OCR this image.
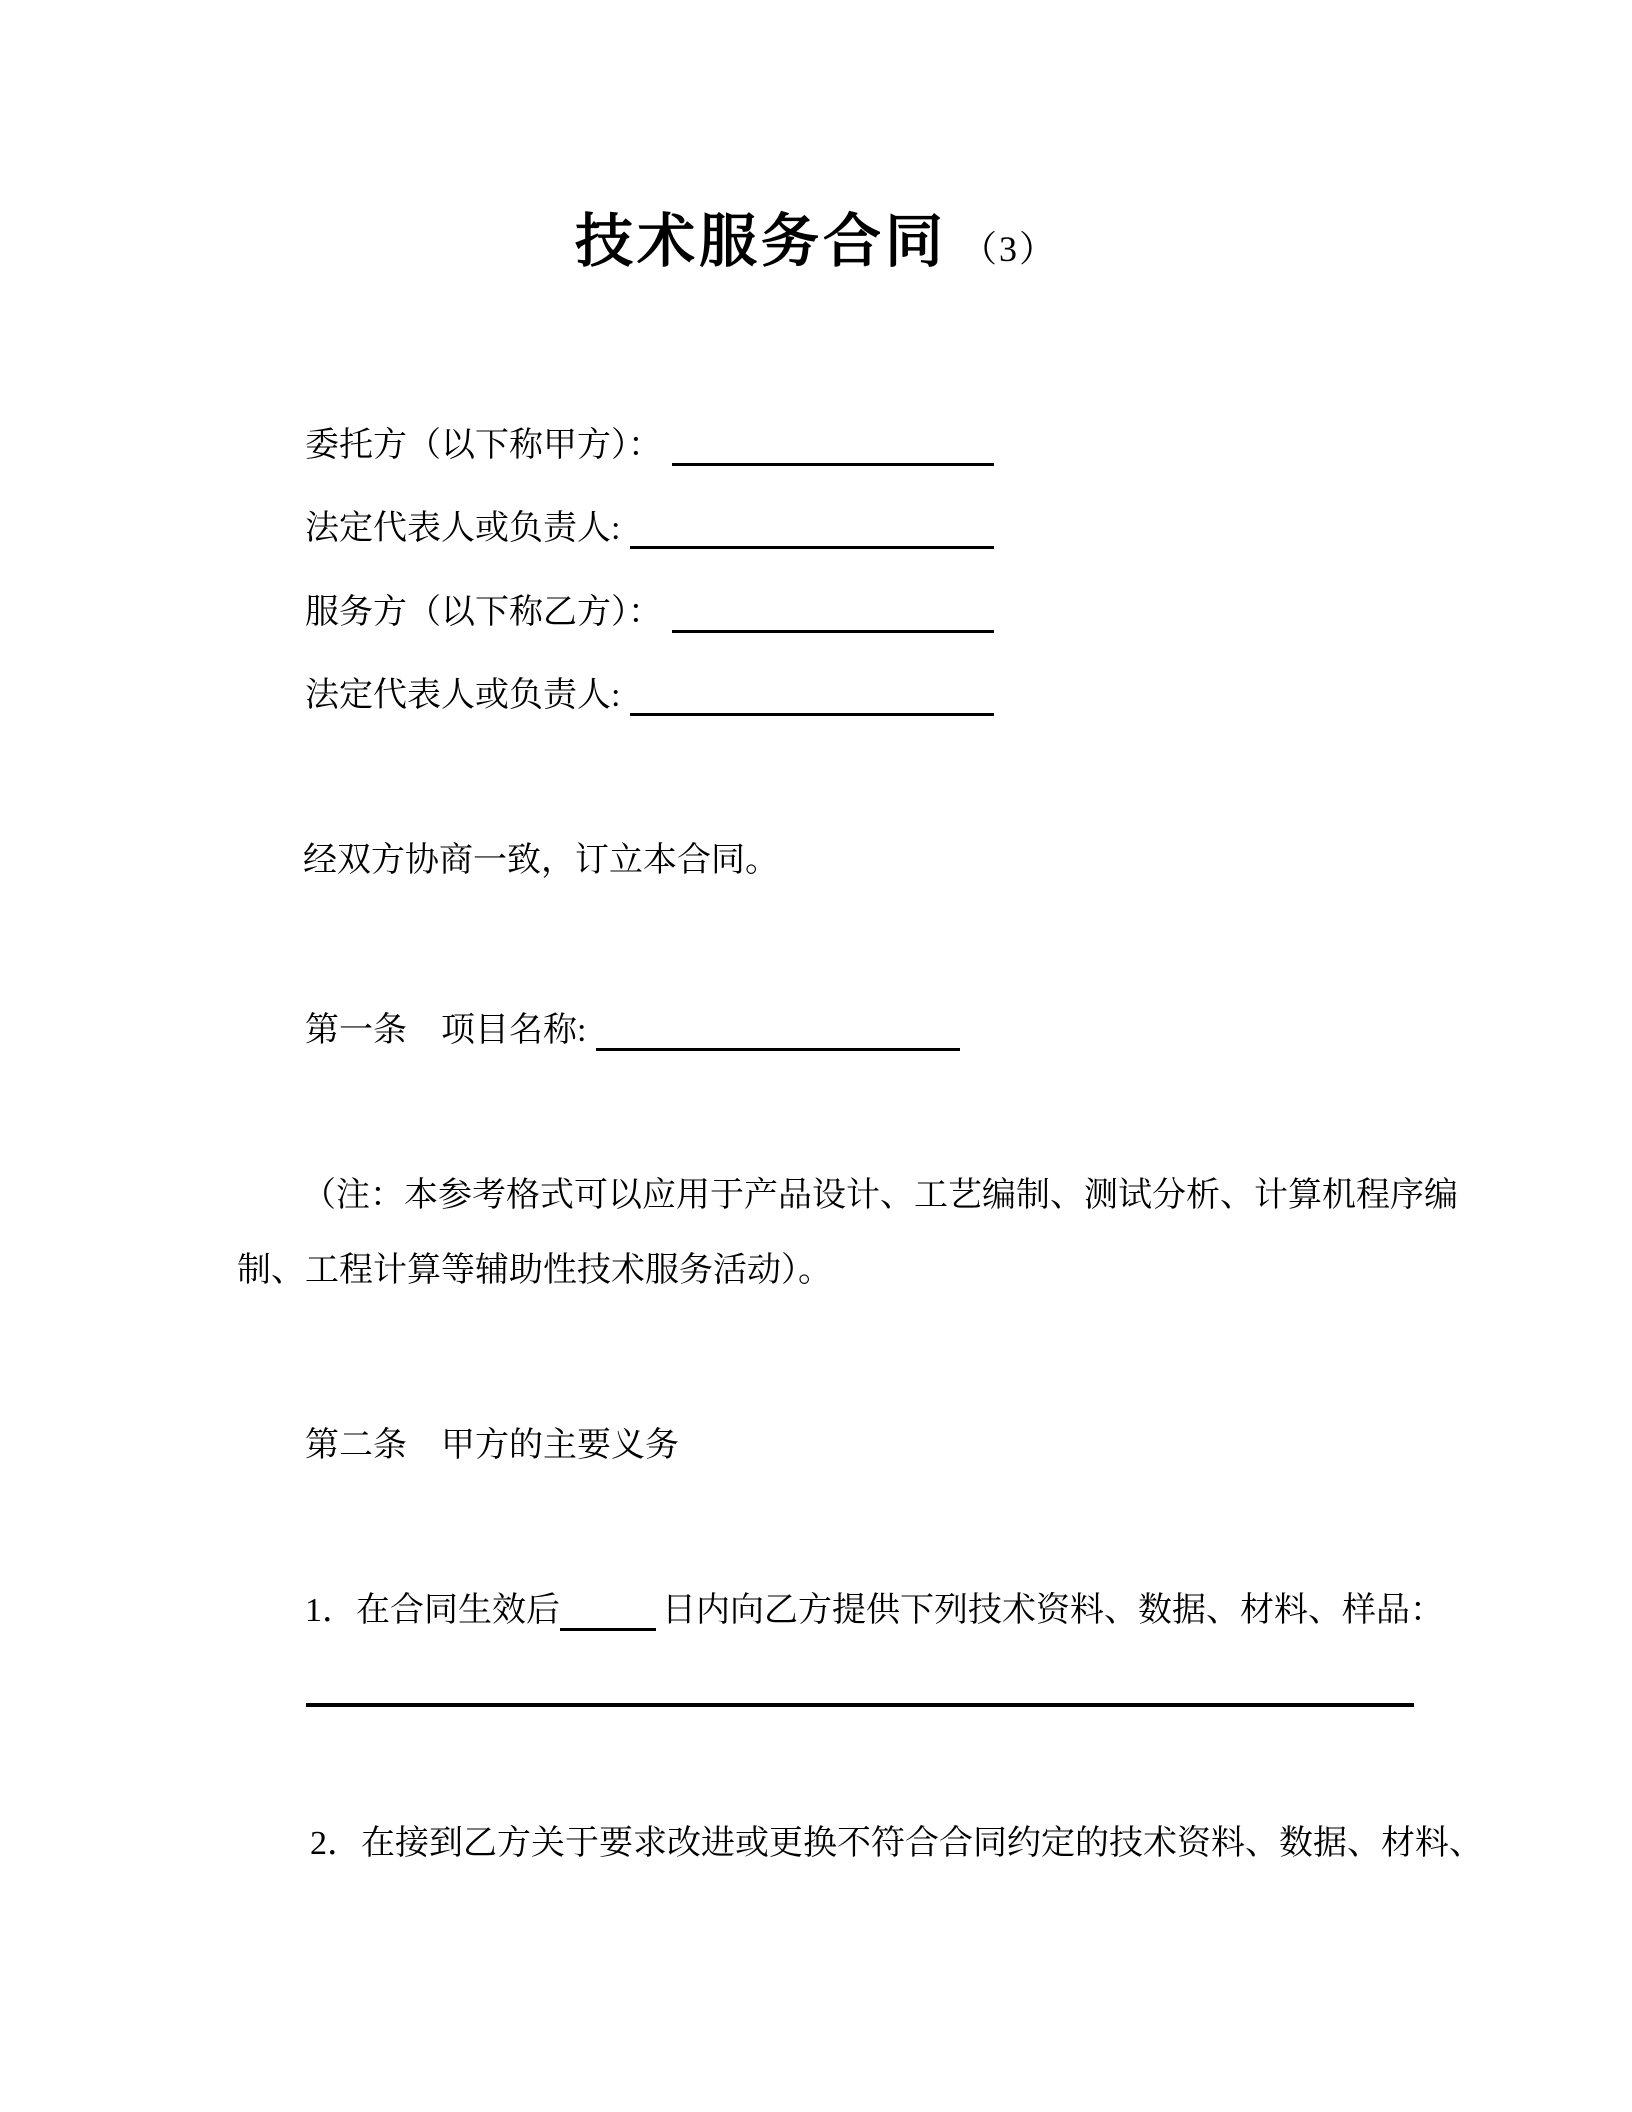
技术服务合同 （3）
委托方（以下称甲方）：
法定代表人或负责人:
服务方（以下称乙方）：
法定代表人或负责人:
经双方协商一致，订立本合同。
第一条　项目名称:
（注：本参考格式可以应用于产品设计、工艺编制、测试分析、计算机程序编
制、工程计算等辅助性技术服务活动）。
第二条　甲方的主要义务
1．在合同生效后	日内向乙方提供下列技术资料、数据、材料、样品：
2．在接到乙方关于要求改进或更换不符合合同约定的技术资料、数据、材料、
